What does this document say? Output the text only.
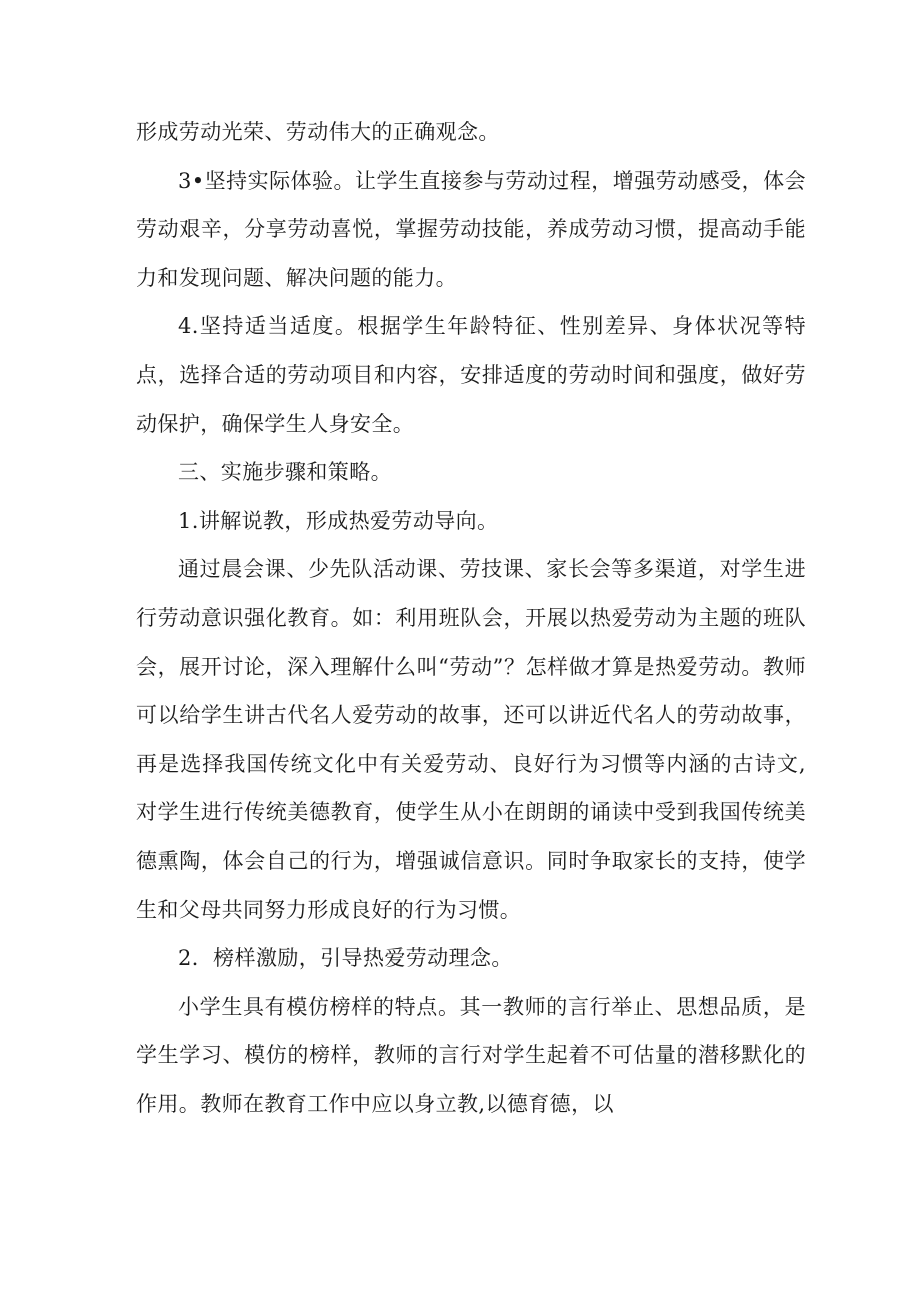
形成劳动光荣、劳动伟大的正确观念。

3•坚持实际体验。让学生直接参与劳动过程，增强劳动感受，体会劳动艰辛，分享劳动喜悦，掌握劳动技能，养成劳动习惯，提高动手能力和发现问题、解决问题的能力。

4.坚持适当适度。根据学生年龄特征、性别差异、身体状况等特点，选择合适的劳动项目和内容，安排适度的劳动时间和强度，做好劳动保护，确保学生人身安全。

三、实施步骤和策略。

1.讲解说教，形成热爱劳动导向。

通过晨会课、少先队活动课、劳技课、家长会等多渠道，对学生进行劳动意识强化教育。如：利用班队会，开展以热爱劳动为主题的班队会，展开讨论，深入理解什么叫“劳动”？怎样做才算是热爱劳动。教师可以给学生讲古代名人爱劳动的故事，还可以讲近代名人的劳动故事，再是选择我国传统文化中有关爱劳动、良好行为习惯等内涵的古诗文,对学生进行传统美德教育，使学生从小在朗朗的诵读中受到我国传统美德熏陶，体会自己的行为，增强诚信意识。同时争取家长的支持，使学生和父母共同努力形成良好的行为习惯。

2．榜样激励，引导热爱劳动理念。

小学生具有模仿榜样的特点。其一教师的言行举止、思想品质，是学生学习、模仿的榜样，教师的言行对学生起着不可估量的潜移默化的作用。教师在教育工作中应以身立教,以德育德，以
